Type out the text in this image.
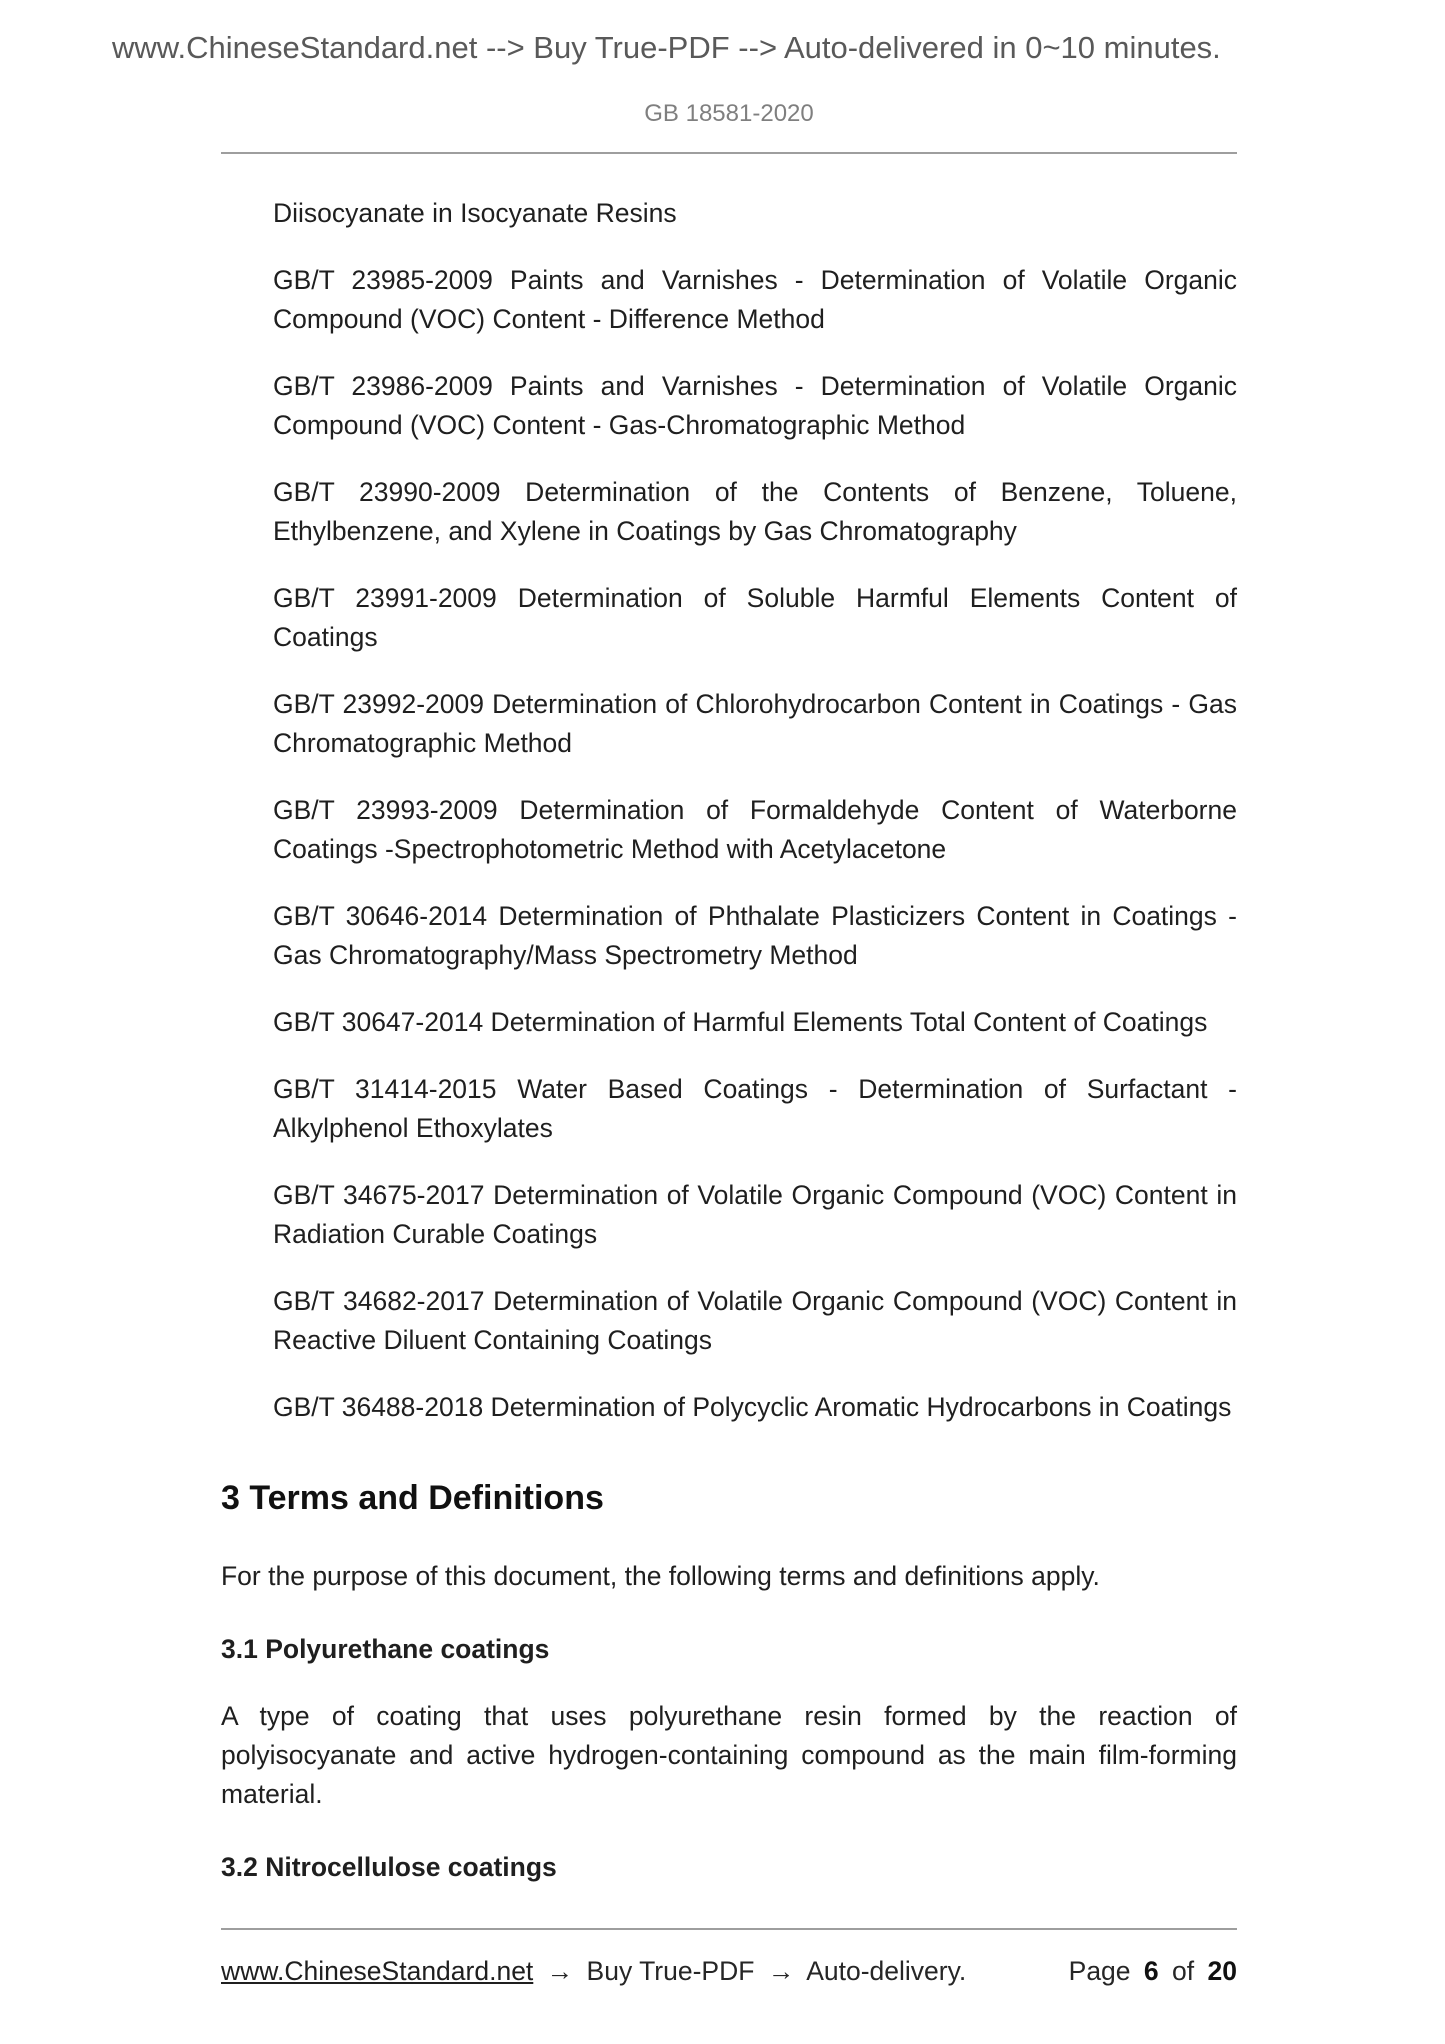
www.ChineseStandard.net --> Buy True-PDF --> Auto-delivered in 0~10 minutes.
GB 18581-2020

Diisocyanate in Isocyanate Resins

GB/T 23985-2009 Paints and Varnishes - Determination of Volatile Organic Compound (VOC) Content - Difference Method

GB/T 23986-2009 Paints and Varnishes - Determination of Volatile Organic Compound (VOC) Content - Gas-Chromatographic Method

GB/T 23990-2009 Determination of the Contents of Benzene, Toluene, Ethylbenzene, and Xylene in Coatings by Gas Chromatography

GB/T 23991-2009 Determination of Soluble Harmful Elements Content of Coatings

GB/T 23992-2009 Determination of Chlorohydrocarbon Content in Coatings - Gas Chromatographic Method

GB/T 23993-2009 Determination of Formaldehyde Content of Waterborne Coatings -Spectrophotometric Method with Acetylacetone

GB/T 30646-2014 Determination of Phthalate Plasticizers Content in Coatings - Gas Chromatography/Mass Spectrometry Method

GB/T 30647-2014 Determination of Harmful Elements Total Content of Coatings

GB/T 31414-2015 Water Based Coatings - Determination of Surfactant - Alkylphenol Ethoxylates

GB/T 34675-2017 Determination of Volatile Organic Compound (VOC) Content in Radiation Curable Coatings

GB/T 34682-2017 Determination of Volatile Organic Compound (VOC) Content in Reactive Diluent Containing Coatings

GB/T 36488-2018 Determination of Polycyclic Aromatic Hydrocarbons in Coatings

3 Terms and Definitions

For the purpose of this document, the following terms and definitions apply.

3.1 Polyurethane coatings

A type of coating that uses polyurethane resin formed by the reaction of polyisocyanate and active hydrogen-containing compound as the main film-forming material.

3.2 Nitrocellulose coatings

www.ChineseStandard.net → Buy True-PDF → Auto-delivery.	Page 6 of 20
